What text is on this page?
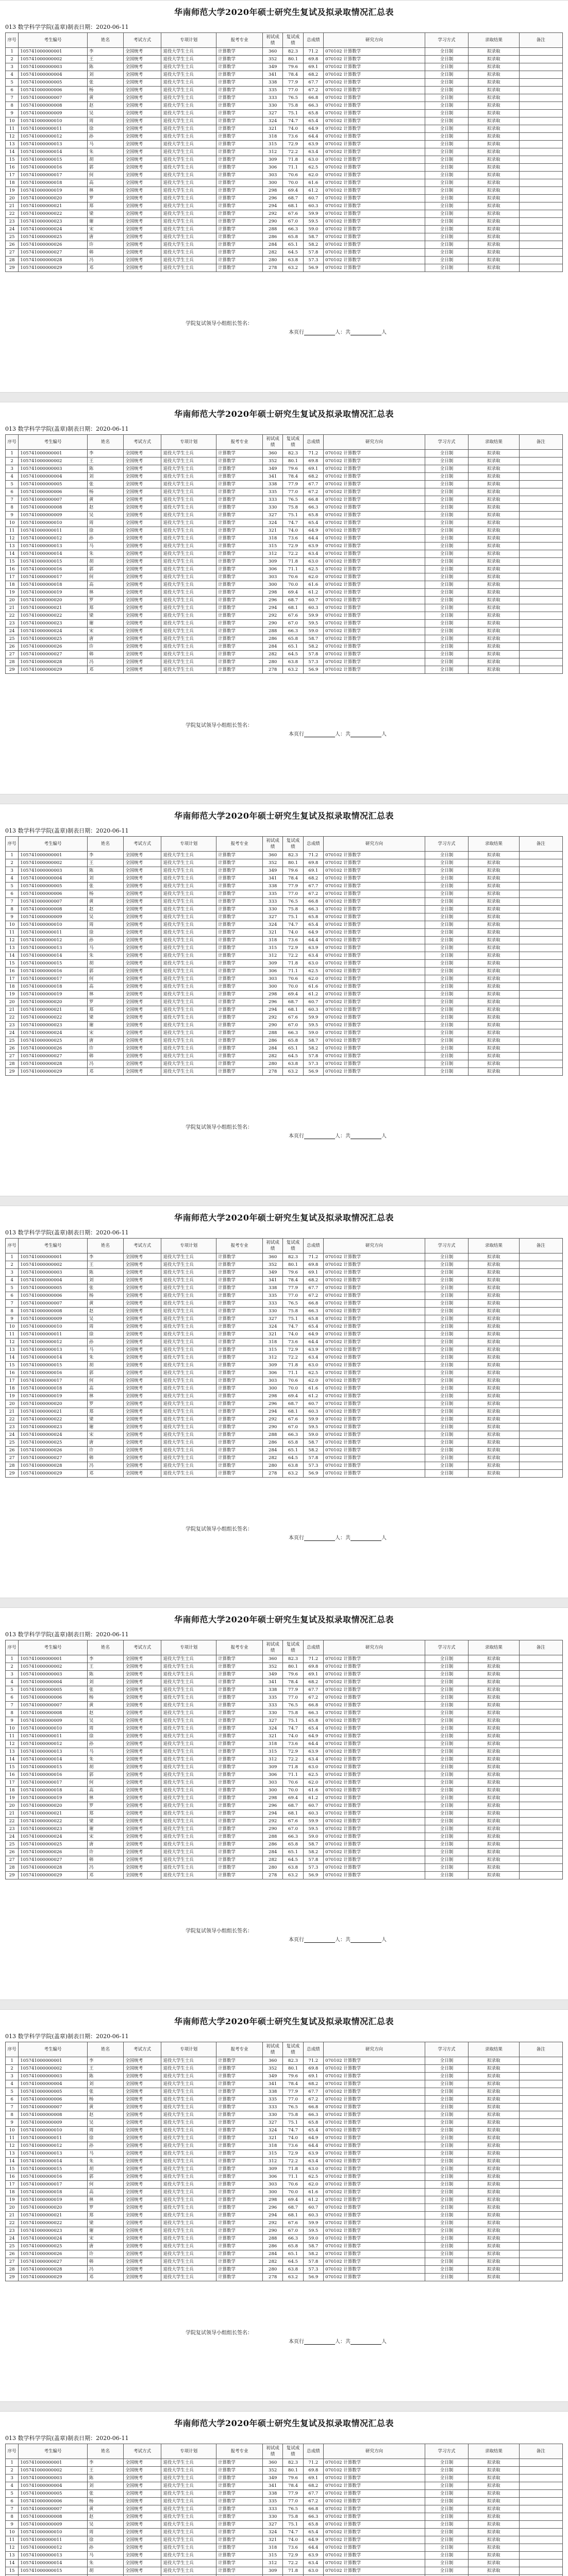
华南师范大学2020年硕士研究生复试及拟录取情况汇总表
013 数学科学学院(盖章)制表日期：2020-06-11
序号	考生编号	姓名	考试方式	专项计划	报考专业	初试成绩	复试成绩	总成绩	研究方向	学习方式	录取结果	备注
1	105741000000001	李	全国统考	退役大学生士兵	计算数学	360	82.3	71.2	070102 计算数学	全日制	拟录取	
2	105741000000002	王	全国统考	退役大学生士兵	计算数学	352	80.1	69.8	070102 计算数学	全日制	拟录取	
3	105741000000003	陈	全国统考	退役大学生士兵	计算数学	349	79.6	69.1	070102 计算数学	全日制	拟录取	
4	105741000000004	刘	全国统考	退役大学生士兵	计算数学	341	78.4	68.2	070102 计算数学	全日制	拟录取	
5	105741000000005	张	全国统考	退役大学生士兵	计算数学	338	77.9	67.7	070102 计算数学	全日制	拟录取	
6	105741000000006	杨	全国统考	退役大学生士兵	计算数学	335	77.0	67.2	070102 计算数学	全日制	拟录取	
7	105741000000007	黄	全国统考	退役大学生士兵	计算数学	333	76.5	66.8	070102 计算数学	全日制	拟录取	
8	105741000000008	赵	全国统考	退役大学生士兵	计算数学	330	75.8	66.3	070102 计算数学	全日制	拟录取	
9	105741000000009	吴	全国统考	退役大学生士兵	计算数学	327	75.1	65.8	070102 计算数学	全日制	拟录取	
10	105741000000010	周	全国统考	退役大学生士兵	计算数学	324	74.7	65.4	070102 计算数学	全日制	拟录取	
11	105741000000011	徐	全国统考	退役大学生士兵	计算数学	321	74.0	64.9	070102 计算数学	全日制	拟录取	
12	105741000000012	孙	全国统考	退役大学生士兵	计算数学	318	73.6	64.4	070102 计算数学	全日制	拟录取	
13	105741000000013	马	全国统考	退役大学生士兵	计算数学	315	72.9	63.9	070102 计算数学	全日制	拟录取	
14	105741000000014	朱	全国统考	退役大学生士兵	计算数学	312	72.2	63.4	070102 计算数学	全日制	拟录取	
15	105741000000015	胡	全国统考	退役大学生士兵	计算数学	309	71.8	63.0	070102 计算数学	全日制	拟录取	
16	105741000000016	郭	全国统考	退役大学生士兵	计算数学	306	71.1	62.5	070102 计算数学	全日制	拟录取	
17	105741000000017	何	全国统考	退役大学生士兵	计算数学	303	70.6	62.0	070102 计算数学	全日制	拟录取	
18	105741000000018	高	全国统考	退役大学生士兵	计算数学	300	70.0	61.6	070102 计算数学	全日制	拟录取	
19	105741000000019	林	全国统考	退役大学生士兵	计算数学	298	69.4	61.2	070102 计算数学	全日制	拟录取	
20	105741000000020	罗	全国统考	退役大学生士兵	计算数学	296	68.7	60.7	070102 计算数学	全日制	拟录取	
21	105741000000021	郑	全国统考	退役大学生士兵	计算数学	294	68.1	60.3	070102 计算数学	全日制	拟录取	
22	105741000000022	梁	全国统考	退役大学生士兵	计算数学	292	67.6	59.9	070102 计算数学	全日制	拟录取	
23	105741000000023	谢	全国统考	退役大学生士兵	计算数学	290	67.0	59.5	070102 计算数学	全日制	拟录取	
24	105741000000024	宋	全国统考	退役大学生士兵	计算数学	288	66.3	59.0	070102 计算数学	全日制	拟录取	
25	105741000000025	唐	全国统考	退役大学生士兵	计算数学	286	65.8	58.7	070102 计算数学	全日制	拟录取	
26	105741000000026	许	全国统考	退役大学生士兵	计算数学	284	65.1	58.2	070102 计算数学	全日制	拟录取	
27	105741000000027	韩	全国统考	退役大学生士兵	计算数学	282	64.5	57.8	070102 计算数学	全日制	拟录取	
28	105741000000028	冯	全国统考	退役大学生士兵	计算数学	280	63.8	57.3	070102 计算数学	全日制	拟录取	
29	105741000000029	邓	全国统考	退役大学生士兵	计算数学	278	63.2	56.9	070102 计算数学	全日制	拟录取	
学院复试领导小组组长签名：
本页行	人：共	人
华南师范大学2020年硕士研究生复试及拟录取情况汇总表
013 数学科学学院(盖章)制表日期：2020-06-11
序号	考生编号	姓名	考试方式	专项计划	报考专业	初试成绩	复试成绩	总成绩	研究方向	学习方式	录取结果	备注
1	105741000000001	李	全国统考	退役大学生士兵	计算数学	360	82.3	71.2	070102 计算数学	全日制	拟录取	
2	105741000000002	王	全国统考	退役大学生士兵	计算数学	352	80.1	69.8	070102 计算数学	全日制	拟录取	
3	105741000000003	陈	全国统考	退役大学生士兵	计算数学	349	79.6	69.1	070102 计算数学	全日制	拟录取	
4	105741000000004	刘	全国统考	退役大学生士兵	计算数学	341	78.4	68.2	070102 计算数学	全日制	拟录取	
5	105741000000005	张	全国统考	退役大学生士兵	计算数学	338	77.9	67.7	070102 计算数学	全日制	拟录取	
6	105741000000006	杨	全国统考	退役大学生士兵	计算数学	335	77.0	67.2	070102 计算数学	全日制	拟录取	
7	105741000000007	黄	全国统考	退役大学生士兵	计算数学	333	76.5	66.8	070102 计算数学	全日制	拟录取	
8	105741000000008	赵	全国统考	退役大学生士兵	计算数学	330	75.8	66.3	070102 计算数学	全日制	拟录取	
9	105741000000009	吴	全国统考	退役大学生士兵	计算数学	327	75.1	65.8	070102 计算数学	全日制	拟录取	
10	105741000000010	周	全国统考	退役大学生士兵	计算数学	324	74.7	65.4	070102 计算数学	全日制	拟录取	
11	105741000000011	徐	全国统考	退役大学生士兵	计算数学	321	74.0	64.9	070102 计算数学	全日制	拟录取	
12	105741000000012	孙	全国统考	退役大学生士兵	计算数学	318	73.6	64.4	070102 计算数学	全日制	拟录取	
13	105741000000013	马	全国统考	退役大学生士兵	计算数学	315	72.9	63.9	070102 计算数学	全日制	拟录取	
14	105741000000014	朱	全国统考	退役大学生士兵	计算数学	312	72.2	63.4	070102 计算数学	全日制	拟录取	
15	105741000000015	胡	全国统考	退役大学生士兵	计算数学	309	71.8	63.0	070102 计算数学	全日制	拟录取	
16	105741000000016	郭	全国统考	退役大学生士兵	计算数学	306	71.1	62.5	070102 计算数学	全日制	拟录取	
17	105741000000017	何	全国统考	退役大学生士兵	计算数学	303	70.6	62.0	070102 计算数学	全日制	拟录取	
18	105741000000018	高	全国统考	退役大学生士兵	计算数学	300	70.0	61.6	070102 计算数学	全日制	拟录取	
19	105741000000019	林	全国统考	退役大学生士兵	计算数学	298	69.4	61.2	070102 计算数学	全日制	拟录取	
20	105741000000020	罗	全国统考	退役大学生士兵	计算数学	296	68.7	60.7	070102 计算数学	全日制	拟录取	
21	105741000000021	郑	全国统考	退役大学生士兵	计算数学	294	68.1	60.3	070102 计算数学	全日制	拟录取	
22	105741000000022	梁	全国统考	退役大学生士兵	计算数学	292	67.6	59.9	070102 计算数学	全日制	拟录取	
23	105741000000023	谢	全国统考	退役大学生士兵	计算数学	290	67.0	59.5	070102 计算数学	全日制	拟录取	
24	105741000000024	宋	全国统考	退役大学生士兵	计算数学	288	66.3	59.0	070102 计算数学	全日制	拟录取	
25	105741000000025	唐	全国统考	退役大学生士兵	计算数学	286	65.8	58.7	070102 计算数学	全日制	拟录取	
26	105741000000026	许	全国统考	退役大学生士兵	计算数学	284	65.1	58.2	070102 计算数学	全日制	拟录取	
27	105741000000027	韩	全国统考	退役大学生士兵	计算数学	282	64.5	57.8	070102 计算数学	全日制	拟录取	
28	105741000000028	冯	全国统考	退役大学生士兵	计算数学	280	63.8	57.3	070102 计算数学	全日制	拟录取	
29	105741000000029	邓	全国统考	退役大学生士兵	计算数学	278	63.2	56.9	070102 计算数学	全日制	拟录取	
学院复试领导小组组长签名：
本页行	人：共	人
华南师范大学2020年硕士研究生复试及拟录取情况汇总表
013 数学科学学院(盖章)制表日期：2020-06-11
序号	考生编号	姓名	考试方式	专项计划	报考专业	初试成绩	复试成绩	总成绩	研究方向	学习方式	录取结果	备注
1	105741000000001	李	全国统考	退役大学生士兵	计算数学	360	82.3	71.2	070102 计算数学	全日制	拟录取	
2	105741000000002	王	全国统考	退役大学生士兵	计算数学	352	80.1	69.8	070102 计算数学	全日制	拟录取	
3	105741000000003	陈	全国统考	退役大学生士兵	计算数学	349	79.6	69.1	070102 计算数学	全日制	拟录取	
4	105741000000004	刘	全国统考	退役大学生士兵	计算数学	341	78.4	68.2	070102 计算数学	全日制	拟录取	
5	105741000000005	张	全国统考	退役大学生士兵	计算数学	338	77.9	67.7	070102 计算数学	全日制	拟录取	
6	105741000000006	杨	全国统考	退役大学生士兵	计算数学	335	77.0	67.2	070102 计算数学	全日制	拟录取	
7	105741000000007	黄	全国统考	退役大学生士兵	计算数学	333	76.5	66.8	070102 计算数学	全日制	拟录取	
8	105741000000008	赵	全国统考	退役大学生士兵	计算数学	330	75.8	66.3	070102 计算数学	全日制	拟录取	
9	105741000000009	吴	全国统考	退役大学生士兵	计算数学	327	75.1	65.8	070102 计算数学	全日制	拟录取	
10	105741000000010	周	全国统考	退役大学生士兵	计算数学	324	74.7	65.4	070102 计算数学	全日制	拟录取	
11	105741000000011	徐	全国统考	退役大学生士兵	计算数学	321	74.0	64.9	070102 计算数学	全日制	拟录取	
12	105741000000012	孙	全国统考	退役大学生士兵	计算数学	318	73.6	64.4	070102 计算数学	全日制	拟录取	
13	105741000000013	马	全国统考	退役大学生士兵	计算数学	315	72.9	63.9	070102 计算数学	全日制	拟录取	
14	105741000000014	朱	全国统考	退役大学生士兵	计算数学	312	72.2	63.4	070102 计算数学	全日制	拟录取	
15	105741000000015	胡	全国统考	退役大学生士兵	计算数学	309	71.8	63.0	070102 计算数学	全日制	拟录取	
16	105741000000016	郭	全国统考	退役大学生士兵	计算数学	306	71.1	62.5	070102 计算数学	全日制	拟录取	
17	105741000000017	何	全国统考	退役大学生士兵	计算数学	303	70.6	62.0	070102 计算数学	全日制	拟录取	
18	105741000000018	高	全国统考	退役大学生士兵	计算数学	300	70.0	61.6	070102 计算数学	全日制	拟录取	
19	105741000000019	林	全国统考	退役大学生士兵	计算数学	298	69.4	61.2	070102 计算数学	全日制	拟录取	
20	105741000000020	罗	全国统考	退役大学生士兵	计算数学	296	68.7	60.7	070102 计算数学	全日制	拟录取	
21	105741000000021	郑	全国统考	退役大学生士兵	计算数学	294	68.1	60.3	070102 计算数学	全日制	拟录取	
22	105741000000022	梁	全国统考	退役大学生士兵	计算数学	292	67.6	59.9	070102 计算数学	全日制	拟录取	
23	105741000000023	谢	全国统考	退役大学生士兵	计算数学	290	67.0	59.5	070102 计算数学	全日制	拟录取	
24	105741000000024	宋	全国统考	退役大学生士兵	计算数学	288	66.3	59.0	070102 计算数学	全日制	拟录取	
25	105741000000025	唐	全国统考	退役大学生士兵	计算数学	286	65.8	58.7	070102 计算数学	全日制	拟录取	
26	105741000000026	许	全国统考	退役大学生士兵	计算数学	284	65.1	58.2	070102 计算数学	全日制	拟录取	
27	105741000000027	韩	全国统考	退役大学生士兵	计算数学	282	64.5	57.8	070102 计算数学	全日制	拟录取	
28	105741000000028	冯	全国统考	退役大学生士兵	计算数学	280	63.8	57.3	070102 计算数学	全日制	拟录取	
29	105741000000029	邓	全国统考	退役大学生士兵	计算数学	278	63.2	56.9	070102 计算数学	全日制	拟录取	
学院复试领导小组组长签名：
本页行	人：共	人
华南师范大学2020年硕士研究生复试及拟录取情况汇总表
013 数学科学学院(盖章)制表日期：2020-06-11
序号	考生编号	姓名	考试方式	专项计划	报考专业	初试成绩	复试成绩	总成绩	研究方向	学习方式	录取结果	备注
1	105741000000001	李	全国统考	退役大学生士兵	计算数学	360	82.3	71.2	070102 计算数学	全日制	拟录取	
2	105741000000002	王	全国统考	退役大学生士兵	计算数学	352	80.1	69.8	070102 计算数学	全日制	拟录取	
3	105741000000003	陈	全国统考	退役大学生士兵	计算数学	349	79.6	69.1	070102 计算数学	全日制	拟录取	
4	105741000000004	刘	全国统考	退役大学生士兵	计算数学	341	78.4	68.2	070102 计算数学	全日制	拟录取	
5	105741000000005	张	全国统考	退役大学生士兵	计算数学	338	77.9	67.7	070102 计算数学	全日制	拟录取	
6	105741000000006	杨	全国统考	退役大学生士兵	计算数学	335	77.0	67.2	070102 计算数学	全日制	拟录取	
7	105741000000007	黄	全国统考	退役大学生士兵	计算数学	333	76.5	66.8	070102 计算数学	全日制	拟录取	
8	105741000000008	赵	全国统考	退役大学生士兵	计算数学	330	75.8	66.3	070102 计算数学	全日制	拟录取	
9	105741000000009	吴	全国统考	退役大学生士兵	计算数学	327	75.1	65.8	070102 计算数学	全日制	拟录取	
10	105741000000010	周	全国统考	退役大学生士兵	计算数学	324	74.7	65.4	070102 计算数学	全日制	拟录取	
11	105741000000011	徐	全国统考	退役大学生士兵	计算数学	321	74.0	64.9	070102 计算数学	全日制	拟录取	
12	105741000000012	孙	全国统考	退役大学生士兵	计算数学	318	73.6	64.4	070102 计算数学	全日制	拟录取	
13	105741000000013	马	全国统考	退役大学生士兵	计算数学	315	72.9	63.9	070102 计算数学	全日制	拟录取	
14	105741000000014	朱	全国统考	退役大学生士兵	计算数学	312	72.2	63.4	070102 计算数学	全日制	拟录取	
15	105741000000015	胡	全国统考	退役大学生士兵	计算数学	309	71.8	63.0	070102 计算数学	全日制	拟录取	
16	105741000000016	郭	全国统考	退役大学生士兵	计算数学	306	71.1	62.5	070102 计算数学	全日制	拟录取	
17	105741000000017	何	全国统考	退役大学生士兵	计算数学	303	70.6	62.0	070102 计算数学	全日制	拟录取	
18	105741000000018	高	全国统考	退役大学生士兵	计算数学	300	70.0	61.6	070102 计算数学	全日制	拟录取	
19	105741000000019	林	全国统考	退役大学生士兵	计算数学	298	69.4	61.2	070102 计算数学	全日制	拟录取	
20	105741000000020	罗	全国统考	退役大学生士兵	计算数学	296	68.7	60.7	070102 计算数学	全日制	拟录取	
21	105741000000021	郑	全国统考	退役大学生士兵	计算数学	294	68.1	60.3	070102 计算数学	全日制	拟录取	
22	105741000000022	梁	全国统考	退役大学生士兵	计算数学	292	67.6	59.9	070102 计算数学	全日制	拟录取	
23	105741000000023	谢	全国统考	退役大学生士兵	计算数学	290	67.0	59.5	070102 计算数学	全日制	拟录取	
24	105741000000024	宋	全国统考	退役大学生士兵	计算数学	288	66.3	59.0	070102 计算数学	全日制	拟录取	
25	105741000000025	唐	全国统考	退役大学生士兵	计算数学	286	65.8	58.7	070102 计算数学	全日制	拟录取	
26	105741000000026	许	全国统考	退役大学生士兵	计算数学	284	65.1	58.2	070102 计算数学	全日制	拟录取	
27	105741000000027	韩	全国统考	退役大学生士兵	计算数学	282	64.5	57.8	070102 计算数学	全日制	拟录取	
28	105741000000028	冯	全国统考	退役大学生士兵	计算数学	280	63.8	57.3	070102 计算数学	全日制	拟录取	
29	105741000000029	邓	全国统考	退役大学生士兵	计算数学	278	63.2	56.9	070102 计算数学	全日制	拟录取	
学院复试领导小组组长签名：
本页行	人：共	人
华南师范大学2020年硕士研究生复试及拟录取情况汇总表
013 数学科学学院(盖章)制表日期：2020-06-11
序号	考生编号	姓名	考试方式	专项计划	报考专业	初试成绩	复试成绩	总成绩	研究方向	学习方式	录取结果	备注
1	105741000000001	李	全国统考	退役大学生士兵	计算数学	360	82.3	71.2	070102 计算数学	全日制	拟录取	
2	105741000000002	王	全国统考	退役大学生士兵	计算数学	352	80.1	69.8	070102 计算数学	全日制	拟录取	
3	105741000000003	陈	全国统考	退役大学生士兵	计算数学	349	79.6	69.1	070102 计算数学	全日制	拟录取	
4	105741000000004	刘	全国统考	退役大学生士兵	计算数学	341	78.4	68.2	070102 计算数学	全日制	拟录取	
5	105741000000005	张	全国统考	退役大学生士兵	计算数学	338	77.9	67.7	070102 计算数学	全日制	拟录取	
6	105741000000006	杨	全国统考	退役大学生士兵	计算数学	335	77.0	67.2	070102 计算数学	全日制	拟录取	
7	105741000000007	黄	全国统考	退役大学生士兵	计算数学	333	76.5	66.8	070102 计算数学	全日制	拟录取	
8	105741000000008	赵	全国统考	退役大学生士兵	计算数学	330	75.8	66.3	070102 计算数学	全日制	拟录取	
9	105741000000009	吴	全国统考	退役大学生士兵	计算数学	327	75.1	65.8	070102 计算数学	全日制	拟录取	
10	105741000000010	周	全国统考	退役大学生士兵	计算数学	324	74.7	65.4	070102 计算数学	全日制	拟录取	
11	105741000000011	徐	全国统考	退役大学生士兵	计算数学	321	74.0	64.9	070102 计算数学	全日制	拟录取	
12	105741000000012	孙	全国统考	退役大学生士兵	计算数学	318	73.6	64.4	070102 计算数学	全日制	拟录取	
13	105741000000013	马	全国统考	退役大学生士兵	计算数学	315	72.9	63.9	070102 计算数学	全日制	拟录取	
14	105741000000014	朱	全国统考	退役大学生士兵	计算数学	312	72.2	63.4	070102 计算数学	全日制	拟录取	
15	105741000000015	胡	全国统考	退役大学生士兵	计算数学	309	71.8	63.0	070102 计算数学	全日制	拟录取	
16	105741000000016	郭	全国统考	退役大学生士兵	计算数学	306	71.1	62.5	070102 计算数学	全日制	拟录取	
17	105741000000017	何	全国统考	退役大学生士兵	计算数学	303	70.6	62.0	070102 计算数学	全日制	拟录取	
18	105741000000018	高	全国统考	退役大学生士兵	计算数学	300	70.0	61.6	070102 计算数学	全日制	拟录取	
19	105741000000019	林	全国统考	退役大学生士兵	计算数学	298	69.4	61.2	070102 计算数学	全日制	拟录取	
20	105741000000020	罗	全国统考	退役大学生士兵	计算数学	296	68.7	60.7	070102 计算数学	全日制	拟录取	
21	105741000000021	郑	全国统考	退役大学生士兵	计算数学	294	68.1	60.3	070102 计算数学	全日制	拟录取	
22	105741000000022	梁	全国统考	退役大学生士兵	计算数学	292	67.6	59.9	070102 计算数学	全日制	拟录取	
23	105741000000023	谢	全国统考	退役大学生士兵	计算数学	290	67.0	59.5	070102 计算数学	全日制	拟录取	
24	105741000000024	宋	全国统考	退役大学生士兵	计算数学	288	66.3	59.0	070102 计算数学	全日制	拟录取	
25	105741000000025	唐	全国统考	退役大学生士兵	计算数学	286	65.8	58.7	070102 计算数学	全日制	拟录取	
26	105741000000026	许	全国统考	退役大学生士兵	计算数学	284	65.1	58.2	070102 计算数学	全日制	拟录取	
27	105741000000027	韩	全国统考	退役大学生士兵	计算数学	282	64.5	57.8	070102 计算数学	全日制	拟录取	
28	105741000000028	冯	全国统考	退役大学生士兵	计算数学	280	63.8	57.3	070102 计算数学	全日制	拟录取	
29	105741000000029	邓	全国统考	退役大学生士兵	计算数学	278	63.2	56.9	070102 计算数学	全日制	拟录取	
学院复试领导小组组长签名：
本页行	人：共	人
华南师范大学2020年硕士研究生复试及拟录取情况汇总表
013 数学科学学院(盖章)制表日期：2020-06-11
序号	考生编号	姓名	考试方式	专项计划	报考专业	初试成绩	复试成绩	总成绩	研究方向	学习方式	录取结果	备注
1	105741000000001	李	全国统考	退役大学生士兵	计算数学	360	82.3	71.2	070102 计算数学	全日制	拟录取	
2	105741000000002	王	全国统考	退役大学生士兵	计算数学	352	80.1	69.8	070102 计算数学	全日制	拟录取	
3	105741000000003	陈	全国统考	退役大学生士兵	计算数学	349	79.6	69.1	070102 计算数学	全日制	拟录取	
4	105741000000004	刘	全国统考	退役大学生士兵	计算数学	341	78.4	68.2	070102 计算数学	全日制	拟录取	
5	105741000000005	张	全国统考	退役大学生士兵	计算数学	338	77.9	67.7	070102 计算数学	全日制	拟录取	
6	105741000000006	杨	全国统考	退役大学生士兵	计算数学	335	77.0	67.2	070102 计算数学	全日制	拟录取	
7	105741000000007	黄	全国统考	退役大学生士兵	计算数学	333	76.5	66.8	070102 计算数学	全日制	拟录取	
8	105741000000008	赵	全国统考	退役大学生士兵	计算数学	330	75.8	66.3	070102 计算数学	全日制	拟录取	
9	105741000000009	吴	全国统考	退役大学生士兵	计算数学	327	75.1	65.8	070102 计算数学	全日制	拟录取	
10	105741000000010	周	全国统考	退役大学生士兵	计算数学	324	74.7	65.4	070102 计算数学	全日制	拟录取	
11	105741000000011	徐	全国统考	退役大学生士兵	计算数学	321	74.0	64.9	070102 计算数学	全日制	拟录取	
12	105741000000012	孙	全国统考	退役大学生士兵	计算数学	318	73.6	64.4	070102 计算数学	全日制	拟录取	
13	105741000000013	马	全国统考	退役大学生士兵	计算数学	315	72.9	63.9	070102 计算数学	全日制	拟录取	
14	105741000000014	朱	全国统考	退役大学生士兵	计算数学	312	72.2	63.4	070102 计算数学	全日制	拟录取	
15	105741000000015	胡	全国统考	退役大学生士兵	计算数学	309	71.8	63.0	070102 计算数学	全日制	拟录取	
16	105741000000016	郭	全国统考	退役大学生士兵	计算数学	306	71.1	62.5	070102 计算数学	全日制	拟录取	
17	105741000000017	何	全国统考	退役大学生士兵	计算数学	303	70.6	62.0	070102 计算数学	全日制	拟录取	
18	105741000000018	高	全国统考	退役大学生士兵	计算数学	300	70.0	61.6	070102 计算数学	全日制	拟录取	
19	105741000000019	林	全国统考	退役大学生士兵	计算数学	298	69.4	61.2	070102 计算数学	全日制	拟录取	
20	105741000000020	罗	全国统考	退役大学生士兵	计算数学	296	68.7	60.7	070102 计算数学	全日制	拟录取	
21	105741000000021	郑	全国统考	退役大学生士兵	计算数学	294	68.1	60.3	070102 计算数学	全日制	拟录取	
22	105741000000022	梁	全国统考	退役大学生士兵	计算数学	292	67.6	59.9	070102 计算数学	全日制	拟录取	
23	105741000000023	谢	全国统考	退役大学生士兵	计算数学	290	67.0	59.5	070102 计算数学	全日制	拟录取	
24	105741000000024	宋	全国统考	退役大学生士兵	计算数学	288	66.3	59.0	070102 计算数学	全日制	拟录取	
25	105741000000025	唐	全国统考	退役大学生士兵	计算数学	286	65.8	58.7	070102 计算数学	全日制	拟录取	
26	105741000000026	许	全国统考	退役大学生士兵	计算数学	284	65.1	58.2	070102 计算数学	全日制	拟录取	
27	105741000000027	韩	全国统考	退役大学生士兵	计算数学	282	64.5	57.8	070102 计算数学	全日制	拟录取	
28	105741000000028	冯	全国统考	退役大学生士兵	计算数学	280	63.8	57.3	070102 计算数学	全日制	拟录取	
29	105741000000029	邓	全国统考	退役大学生士兵	计算数学	278	63.2	56.9	070102 计算数学	全日制	拟录取	
学院复试领导小组组长签名：
本页行	人：共	人
华南师范大学2020年硕士研究生复试及拟录取情况汇总表
013 数学科学学院(盖章)制表日期：2020-06-11
序号	考生编号	姓名	考试方式	专项计划	报考专业	初试成绩	复试成绩	总成绩	研究方向	学习方式	录取结果	备注
1	105741000000001	李	全国统考	退役大学生士兵	计算数学	360	82.3	71.2	070102 计算数学	全日制	拟录取	
2	105741000000002	王	全国统考	退役大学生士兵	计算数学	352	80.1	69.8	070102 计算数学	全日制	拟录取	
3	105741000000003	陈	全国统考	退役大学生士兵	计算数学	349	79.6	69.1	070102 计算数学	全日制	拟录取	
4	105741000000004	刘	全国统考	退役大学生士兵	计算数学	341	78.4	68.2	070102 计算数学	全日制	拟录取	
5	105741000000005	张	全国统考	退役大学生士兵	计算数学	338	77.9	67.7	070102 计算数学	全日制	拟录取	
6	105741000000006	杨	全国统考	退役大学生士兵	计算数学	335	77.0	67.2	070102 计算数学	全日制	拟录取	
7	105741000000007	黄	全国统考	退役大学生士兵	计算数学	333	76.5	66.8	070102 计算数学	全日制	拟录取	
8	105741000000008	赵	全国统考	退役大学生士兵	计算数学	330	75.8	66.3	070102 计算数学	全日制	拟录取	
9	105741000000009	吴	全国统考	退役大学生士兵	计算数学	327	75.1	65.8	070102 计算数学	全日制	拟录取	
10	105741000000010	周	全国统考	退役大学生士兵	计算数学	324	74.7	65.4	070102 计算数学	全日制	拟录取	
11	105741000000011	徐	全国统考	退役大学生士兵	计算数学	321	74.0	64.9	070102 计算数学	全日制	拟录取	
12	105741000000012	孙	全国统考	退役大学生士兵	计算数学	318	73.6	64.4	070102 计算数学	全日制	拟录取	
13	105741000000013	马	全国统考	退役大学生士兵	计算数学	315	72.9	63.9	070102 计算数学	全日制	拟录取	
14	105741000000014	朱	全国统考	退役大学生士兵	计算数学	312	72.2	63.4	070102 计算数学	全日制	拟录取	
15	105741000000015	胡	全国统考	退役大学生士兵	计算数学	309	71.8	63.0	070102 计算数学	全日制	拟录取	
